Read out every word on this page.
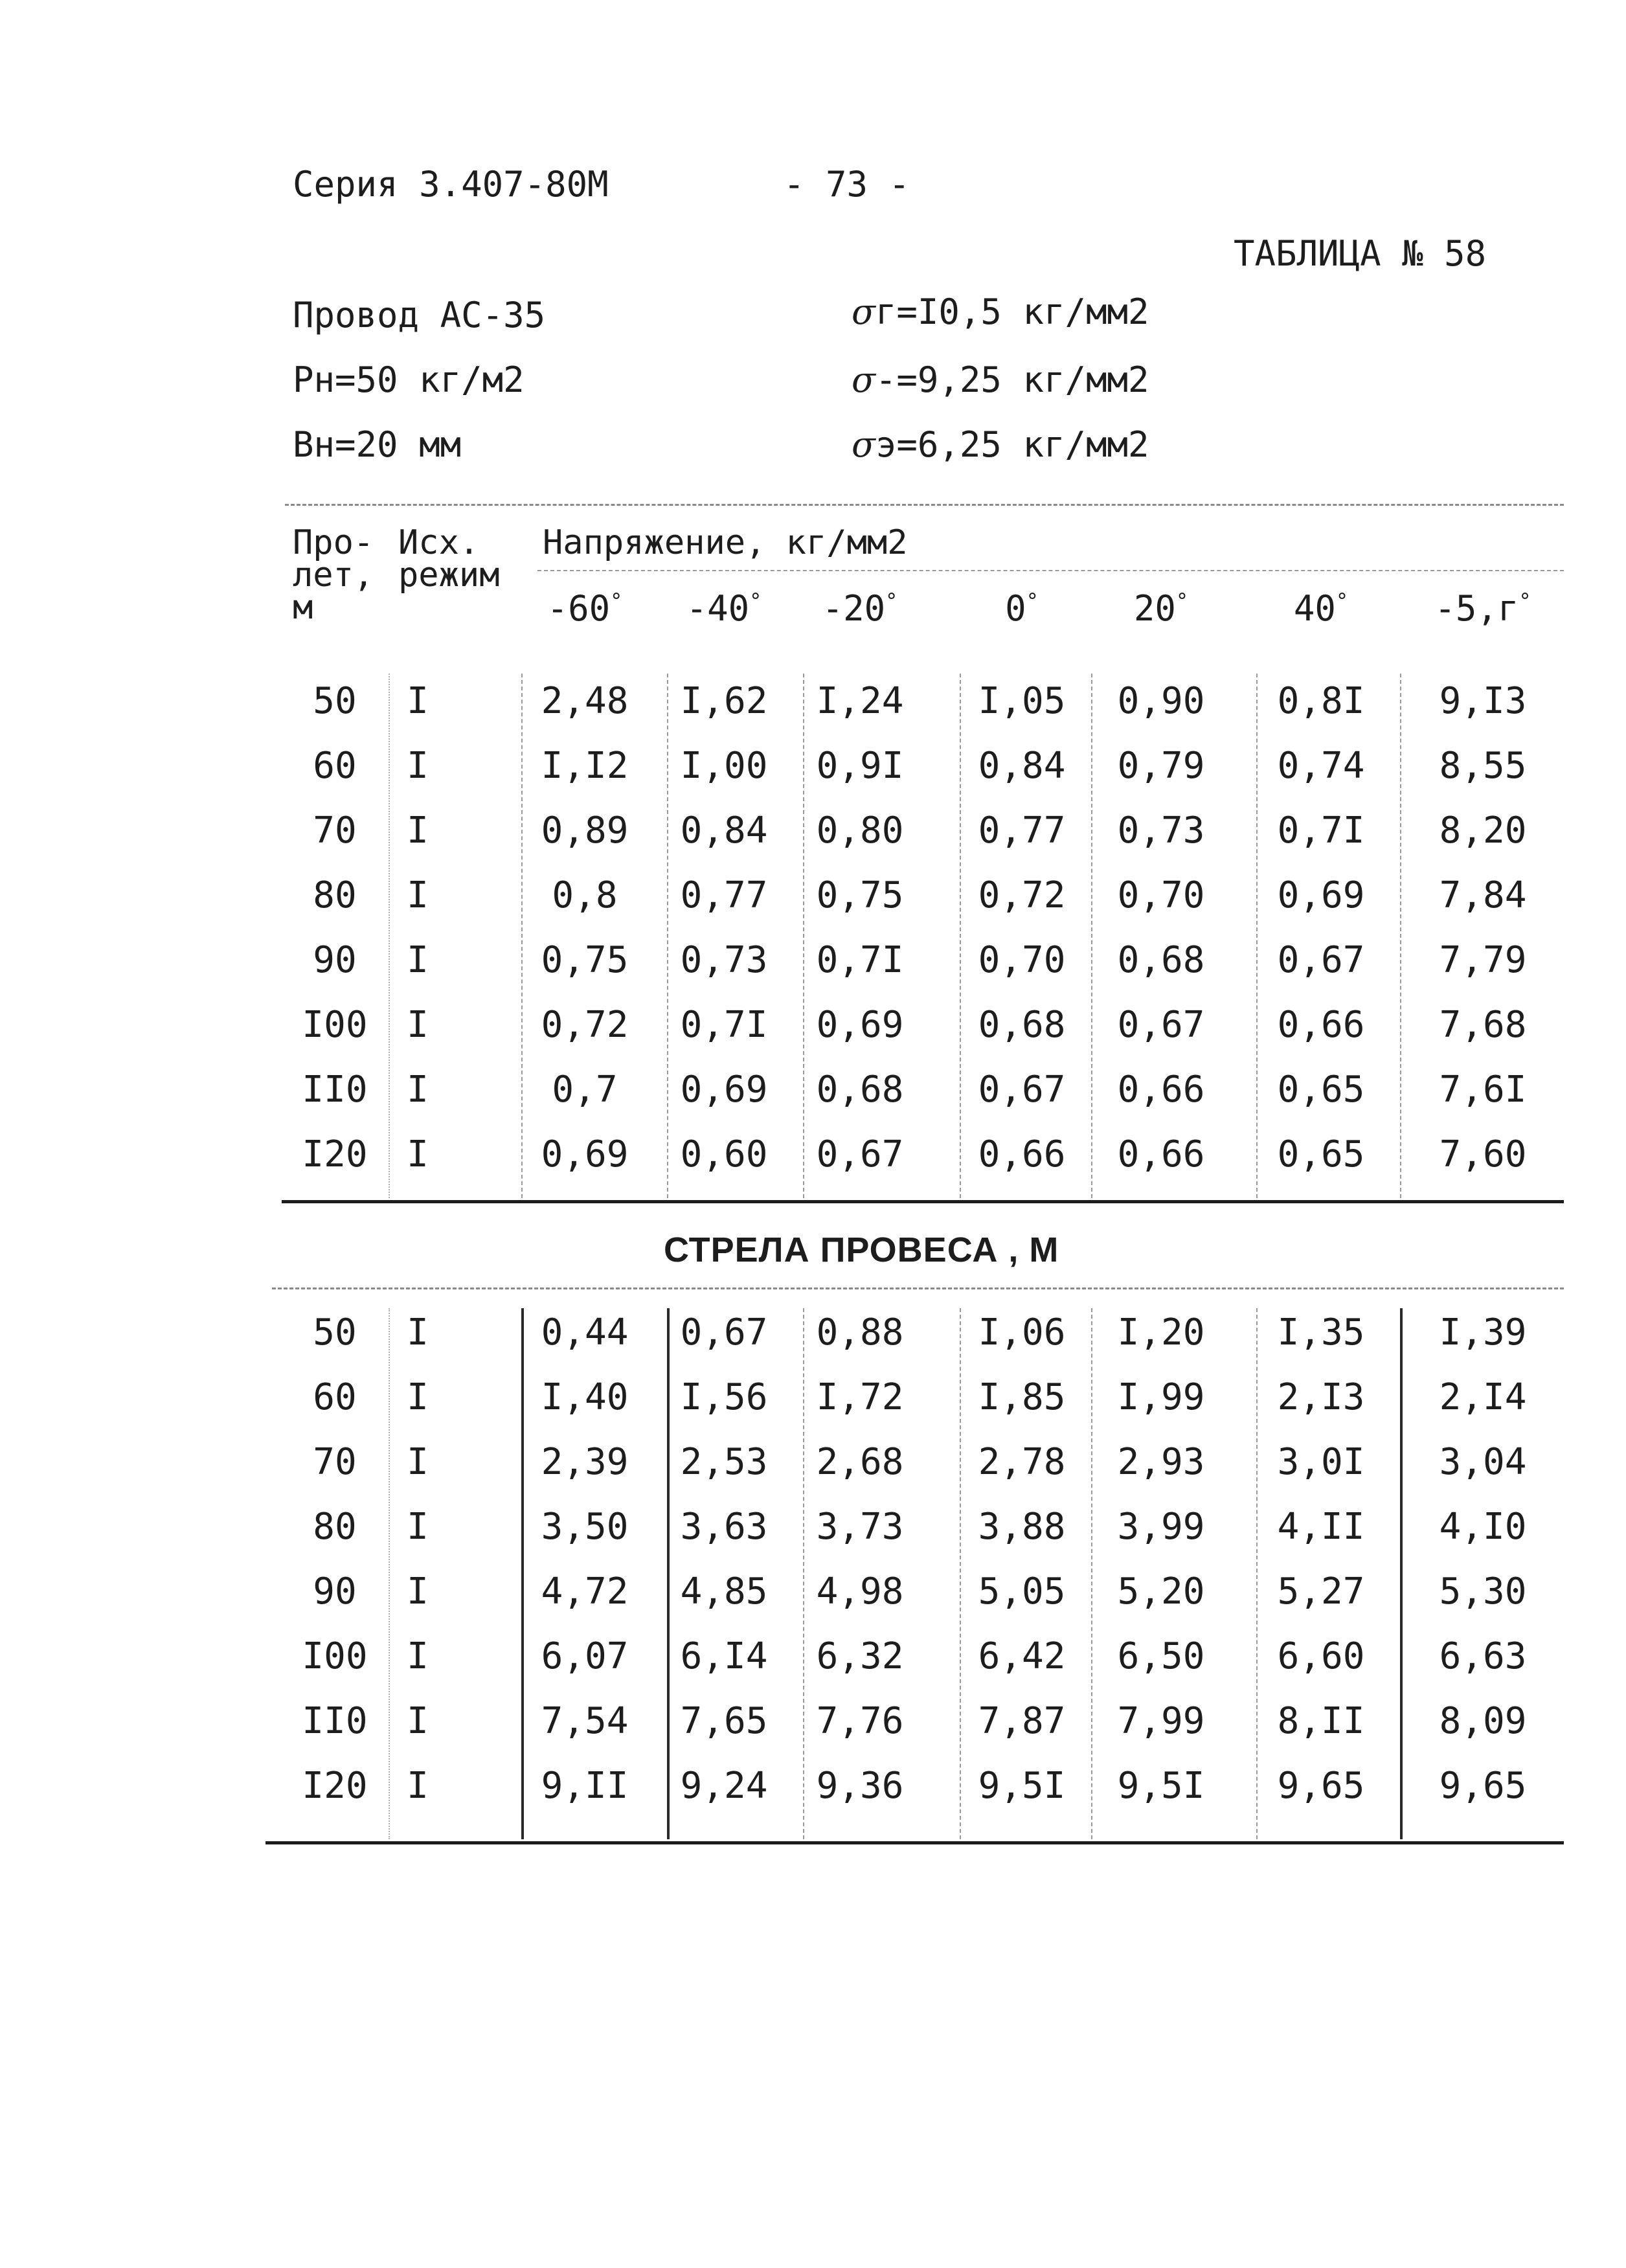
Серия 3.407-80М	- 73 -
ТАБЛИЦА № 58
Провод АС-35
Рн=50 кг/м2
Вн=20 мм
σг=I0,5 кг/мм2
σ-=9,25 кг/мм2
σэ=6,25 кг/мм2
Про-
лет,
м
Исх.
режим
Напряжение, кг/мм2
-60°	-40°	-20°	0°	20°	40°	-5,г°
50	I	2,48	I,62	I,24	I,05	0,90	0,8I	9,I3
60	I	I,I2	I,00	0,9I	0,84	0,79	0,74	8,55
70	I	0,89	0,84	0,80	0,77	0,73	0,7I	8,20
80	I	0,8	0,77	0,75	0,72	0,70	0,69	7,84
90	I	0,75	0,73	0,7I	0,70	0,68	0,67	7,79
I00	I	0,72	0,7I	0,69	0,68	0,67	0,66	7,68
II0	I	0,7	0,69	0,68	0,67	0,66	0,65	7,6I
I20	I	0,69	0,60	0,67	0,66	0,66	0,65	7,60
СТРЕЛА ПРОВЕСА , М
50	I	0,44	0,67	0,88	I,06	I,20	I,35	I,39
60	I	I,40	I,56	I,72	I,85	I,99	2,I3	2,I4
70	I	2,39	2,53	2,68	2,78	2,93	3,0I	3,04
80	I	3,50	3,63	3,73	3,88	3,99	4,II	4,I0
90	I	4,72	4,85	4,98	5,05	5,20	5,27	5,30
I00	I	6,07	6,I4	6,32	6,42	6,50	6,60	6,63
II0	I	7,54	7,65	7,76	7,87	7,99	8,II	8,09
I20	I	9,II	9,24	9,36	9,5I	9,5I	9,65	9,65
